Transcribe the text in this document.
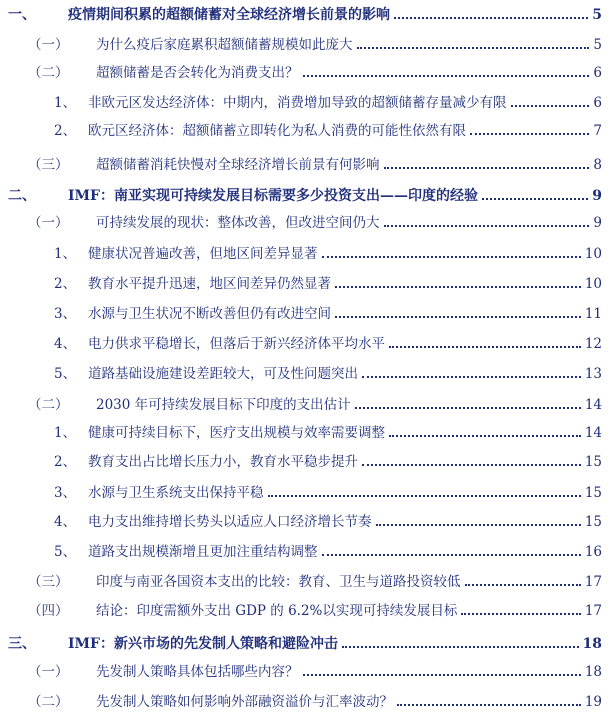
一、	疫情期间积累的超额储蓄对全球经济增长前景的影响	5
（一）	为什么疫后家庭累积超额储蓄规模如此庞大	5
（二）	超额储蓄是否会转化为消费支出？	6
1、 非欧元区发达经济体：中期内，消费增加导致的超额储蓄存量减少有限	6
2、 欧元区经济体：超额储蓄立即转化为私人消费的可能性依然有限	7
（三）	超额储蓄消耗快慢对全球经济增长前景有何影响	8
二、	IMF：南亚实现可持续发展目标需要多少投资支出——印度的经验	9
（一）	可持续发展的现状：整体改善，但改进空间仍大	9
1、 健康状况普遍改善，但地区间差异显著	10
2、 教育水平提升迅速，地区间差异仍然显著	10
3、 水源与卫生状况不断改善但仍有改进空间	11
4、 电力供求平稳增长，但落后于新兴经济体平均水平	12
5、 道路基础设施建设差距较大，可及性问题突出	13
（二）	2030 年可持续发展目标下印度的支出估计	14
1、 健康可持续目标下，医疗支出规模与效率需要调整	14
2、 教育支出占比增长压力小，教育水平稳步提升	15
3、 水源与卫生系统支出保持平稳	15
4、 电力支出维持增长势头以适应人口经济增长节奏	15
5、 道路支出规模渐增且更加注重结构调整	16
（三）	印度与南亚各国资本支出的比较：教育、卫生与道路投资较低	17
（四）	结论：印度需额外支出 GDP 的 6.2%以实现可持续发展目标	17
三、	IMF：新兴市场的先发制人策略和避险冲击	18
（一）	先发制人策略具体包括哪些内容？	18
（二）	先发制人策略如何影响外部融资溢价与汇率波动？	19
